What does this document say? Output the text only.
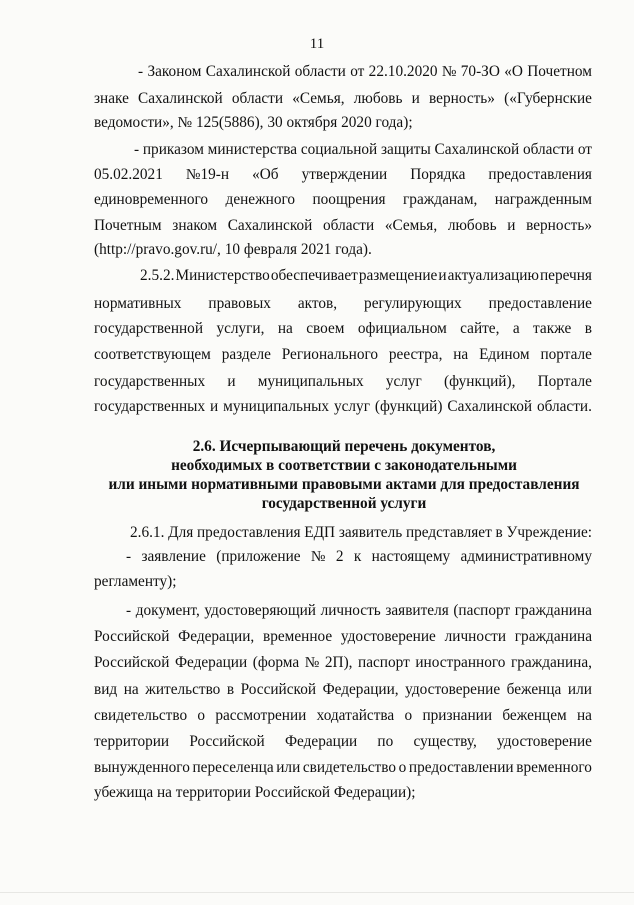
11
- Законом Сахалинской области от 22.10.2020 № 70-ЗО «О Почетном
знаке Сахалинской области «Семья, любовь и верность» («Губернские
ведомости», № 125(5886), 30 октября 2020 года);
- приказом министерства социальной защиты Сахалинской области от
05.02.2021 №19-н «Об утверждении Порядка предоставления
единовременного денежного поощрения гражданам, награжденным
Почетным знаком Сахалинской области «Семья, любовь и верность»
(http://pravo.gov.ru/, 10 февраля 2021 года).
2.5.2. Министерство обеспечивает размещение и актуализацию перечня
нормативных правовых актов, регулирующих предоставление
государственной услуги, на своем официальном сайте, а также в
соответствующем разделе Регионального реестра, на Едином портале
государственных и муниципальных услуг (функций), Портале
государственных и муниципальных услуг (функций) Сахалинской области.
2.6.1. Для предоставления ЕДП заявитель представляет в Учреждение:
- заявление (приложение № 2 к настоящему административному
регламенту);
- документ, удостоверяющий личность заявителя (паспорт гражданина
Российской Федерации, временное удостоверение личности гражданина
Российской Федерации (форма № 2П), паспорт иностранного гражданина,
вид на жительство в Российской Федерации, удостоверение беженца или
свидетельство о рассмотрении ходатайства о признании беженцем на
территории Российской Федерации по существу, удостоверение
вынужденного переселенца или свидетельство о предоставлении временного
убежища на территории Российской Федерации);
2.6. Исчерпывающий перечень документов,
необходимых в соответствии с законодательными
или иными нормативными правовыми актами для предоставления
государственной услуги
